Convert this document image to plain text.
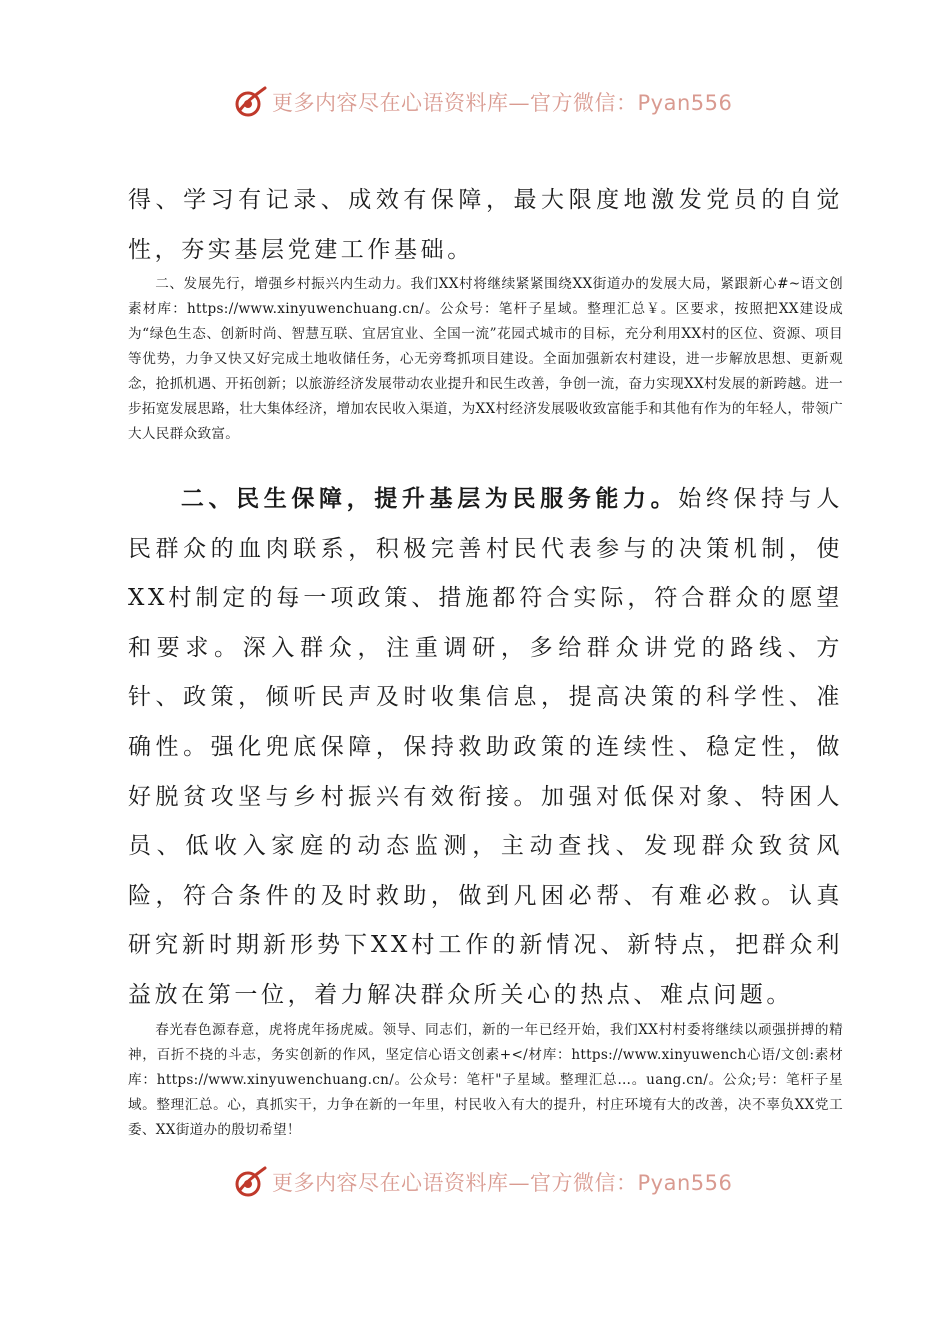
更多内容尽在心语资料库—官方微信：Pyan556

得、学习有记录、成效有保障，最大限度地激发党员的自觉性，夯实基层党建工作基础。

二、发展先行，增强乡村振兴内生动力。我们XX村将继续紧紧围绕XX街道办的发展大局，紧跟新心#~语文创素材库：https://www.xinyuwenchuang.cn/。公众号：笔杆子星域。整理汇总￥。区要求，按照把XX建设成为“绿色生态、创新时尚、智慧互联、宜居宜业、全国一流”花园式城市的目标，充分利用XX村的区位、资源、项目等优势，力争又快又好完成土地收储任务，心无旁骛抓项目建设。全面加强新农村建设，进一步解放思想、更新观念，抢抓机遇、开拓创新；以旅游经济发展带动农业提升和民生改善，争创一流，奋力实现XX村发展的新跨越。进一步拓宽发展思路，壮大集体经济，增加农民收入渠道，为XX村经济发展吸收致富能手和其他有作为的年轻人，带领广大人民群众致富。

二、民生保障，提升基层为民服务能力。始终保持与人民群众的血肉联系，积极完善村民代表参与的决策机制，使XX村制定的每一项政策、措施都符合实际，符合群众的愿望和要求。深入群众，注重调研，多给群众讲党的路线、方针、政策，倾听民声及时收集信息，提高决策的科学性、准确性。强化兜底保障，保持救助政策的连续性、稳定性，做好脱贫攻坚与乡村振兴有效衔接。加强对低保对象、特困人员、低收入家庭的动态监测，主动查找、发现群众致贫风险，符合条件的及时救助，做到凡困必帮、有难必救。认真研究新时期新形势下XX村工作的新情况、新特点，把群众利益放在第一位，着力解决群众所关心的热点、难点问题。

春光春色源春意，虎将虎年扬虎威。领导、同志们，新的一年已经开始，我们XX村村委将继续以顽强拼搏的精神，百折不挠的斗志，务实创新的作风，坚定信心语文创素+</材库：https://www.xinyuwench心语/文创:素材库：https://www.xinyuwenchuang.cn/。公众号：笔杆"子星域。整理汇总…。uang.cn/。公众;号：笔杆子星域。整理汇总。心，真抓实干，力争在新的一年里，村民收入有大的提升，村庄环境有大的改善，决不辜负XX党工委、XX街道办的殷切希望！

更多内容尽在心语资料库—官方微信：Pyan556
